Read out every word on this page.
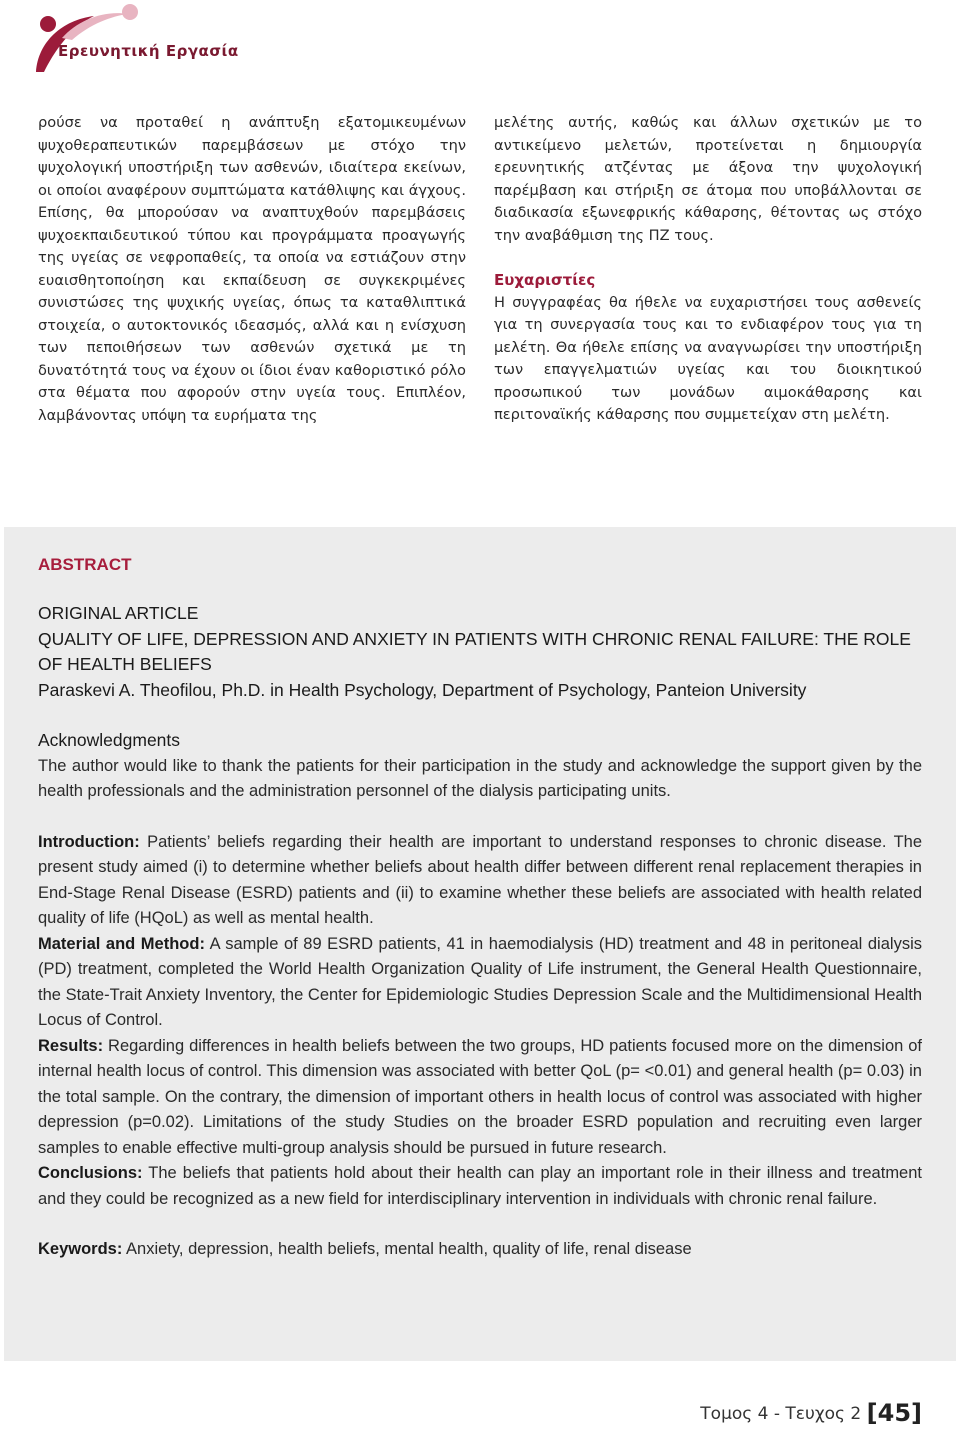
Ερευνητική Εργασία

ρούσε να προταθεί η ανάπτυξη εξατομικευμένων ψυχοθεραπευτικών παρεμβάσεων με στόχο την ψυχολογική υποστήριξη των ασθενών, ιδιαίτερα εκείνων, οι οποίοι αναφέρουν συμπτώματα κατάθλιψης και άγχους. Επίσης, θα μπορούσαν να αναπτυχθούν παρεμβάσεις ψυχοεκπαιδευτικού τύπου και προγράμματα προαγωγής της υγείας σε νεφροπαθείς, τα οποία να εστιάζουν στην ευαισθητοποίηση και εκπαίδευση σε συγκεκριμένες συνιστώσες της ψυχικής υγείας, όπως τα καταθλιπτικά στοιχεία, ο αυτοκτονικός ιδεασμός, αλλά και η ενίσχυση των πεποιθήσεων των ασθενών σχετικά με τη δυνατότητά τους να έχουν οι ίδιοι έναν καθοριστικό ρόλο στα θέματα που αφορούν στην υγεία τους. Επιπλέον, λαμβάνοντας υπόψη τα ευρήματα της

μελέτης αυτής, καθώς και άλλων σχετικών με το αντικείμενο μελετών, προτείνεται η δημιουργία ερευνητικής ατζέντας με άξονα την ψυχολογική παρέμβαση και στήριξη σε άτομα που υποβάλλονται σε διαδικασία εξωνεφρικής κάθαρσης, θέτοντας ως στόχο την αναβάθμιση της ΠΖ τους.

Ευχαριστίες

Η συγγραφέας θα ήθελε να ευχαριστήσει τους ασθενείς για τη συνεργασία τους και το ενδιαφέρον τους για τη μελέτη. Θα ήθελε επίσης να αναγνωρίσει την υποστήριξη των επαγγελματιών υγείας και του διοικητικού προσωπικού των μονάδων αιμοκάθαρσης και περιτοναϊκής κάθαρσης που συμμετείχαν στη μελέτη.

ABSTRACT
ORIGINAL ARTICLE
QUALITY OF LIFE, DEPRESSION AND ANXIETY IN PATIENTS WITH CHRONIC RENAL FAILURE: THE ROLE OF HEALTH BELIEFS
Paraskevi A. Theofilou, Ph.D. in Health Psychology, Department of Psychology, Panteion University
Acknowledgments

The author would like to thank the patients for their participation in the study and acknowledge the support given by the health professionals and the administration personnel of the dialysis participating units.

Introduction: Patients’ beliefs regarding their health are important to understand responses to chronic disease. The present study aimed (i) to determine whether beliefs about health differ between different renal replacement therapies in End-Stage Renal Disease (ESRD) patients and (ii) to examine whether these beliefs are associated with health related quality of life (HQoL) as well as mental health.

Material and Method: A sample of 89 ESRD patients, 41 in haemodialysis (HD) treatment and 48 in peritoneal dialysis (PD) treatment, completed the World Health Organization Quality of Life instrument, the General Health Questionnaire, the State-Trait Anxiety Inventory, the Center for Epidemiologic Studies Depression Scale and the Multidimensional Health Locus of Control.

Results: Regarding differences in health beliefs between the two groups, HD patients focused more on the dimension of internal health locus of control. This dimension was associated with better QoL (p= <0.01) and general health (p= 0.03) in the total sample. On the contrary, the dimension of important others in health locus of control was associated with higher depression (p=0.02). Limitations of the study Studies on the broader ESRD population and recruiting even larger samples to enable effective multi-group analysis should be pursued in future research.

Conclusions: The beliefs that patients hold about their health can play an important role in their illness and treatment and they could be recognized as a new field for interdisciplinary intervention in individuals with chronic renal failure.

Keywords: Anxiety, depression, health beliefs, mental health, quality of life, renal disease

Τομος 4 - Τευχος 2 [45]
